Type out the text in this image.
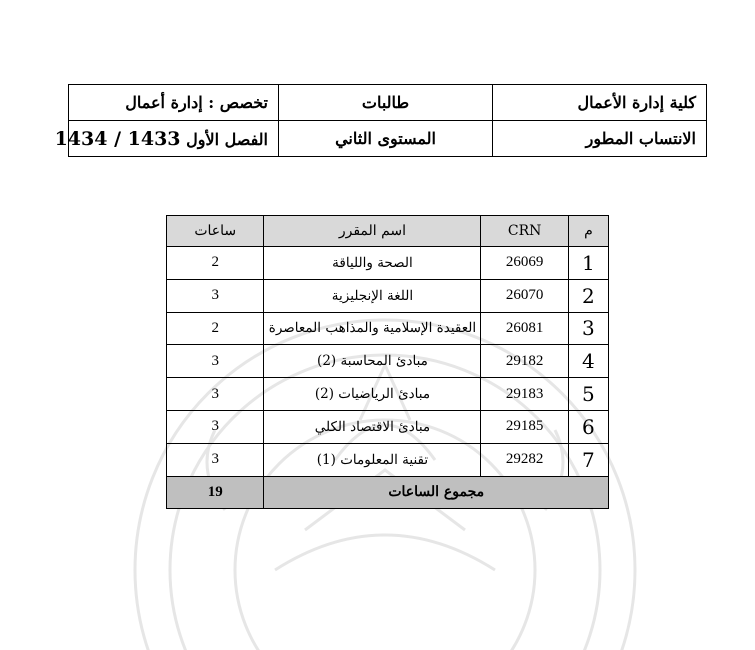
كلية إدارة الأعمال	طالبات	تخصص : إدارة أعمال
الانتساب المطور	المستوى الثاني	الفصل الأول 1434 / 1433
م	CRN	اسم المقرر	ساعات
1	26069	الصحة واللياقة	2
2	26070	اللغة الإنجليزية	3
3	26081	العقيدة الإسلامية والمذاهب المعاصرة	2
4	29182	مبادئ المحاسبة (2)	3
5	29183	مبادئ الرياضيات (2)	3
6	29185	مبادئ الاقتصاد الكلي	3
7	29282	تقنية المعلومات (1)	3
مجموع الساعات			19
